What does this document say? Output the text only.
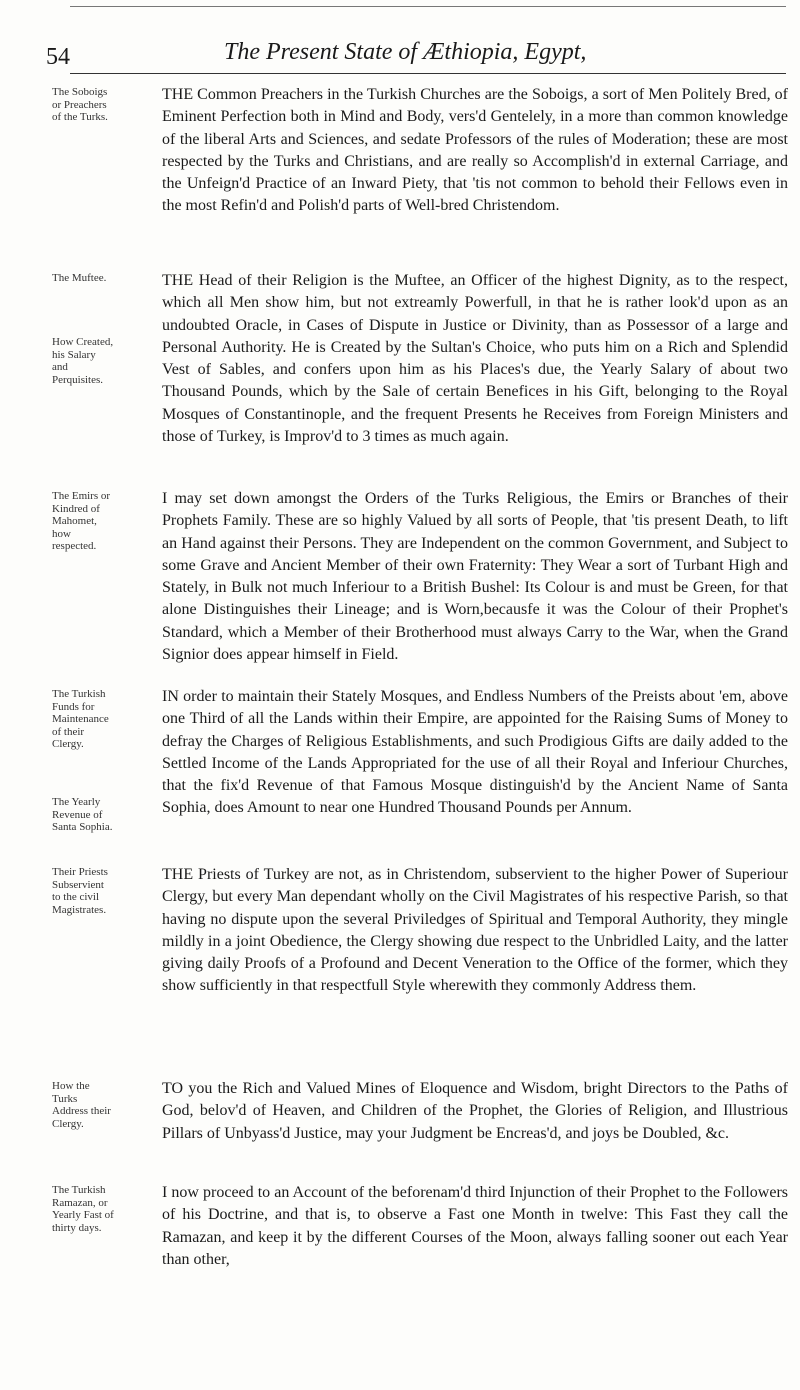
54	The Present State of Æthiopia, Egypt,
The Soboigs or Preachers of the Turks.
THE Common Preachers in the Turkish Churches are the Soboigs, a sort of Men Politely Bred, of Eminent Perfection both in Mind and Body, vers'd Gentelely, in a more than common knowledge of the liberal Arts and Sciences, and sedate Professors of the rules of Moderation; these are most respected by the Turks and Christians, and are really so Accomplish'd in external Carriage, and the Unfeign'd Practice of an Inward Piety, that 'tis not common to behold their Fellows even in the most Refin'd and Polish'd parts of Well-bred Christendom.
The Muftee.
How Created, his Salary and Perquisites.
THE Head of their Religion is the Muftee, an Officer of the highest Dignity, as to the respect, which all Men show him, but not extreamly Powerfull, in that he is rather look'd upon as an undoubted Oracle, in Cases of Dispute in Justice or Divinity, than as Possessor of a large and Personal Authority. He is Created by the Sultan's Choice, who puts him on a Rich and Splendid Vest of Sables, and confers upon him as his Places's due, the Yearly Salary of about two Thousand Pounds, which by the Sale of certain Benefices in his Gift, belonging to the Royal Mosques of Constantinople, and the frequent Presents he Receives from Foreign Ministers and those of Turkey, is Improv'd to 3 times as much again.
The Emirs or Kindred of Mahomet, how respected.
I may set down amongst the Orders of the Turks Religious, the Emirs or Branches of their Prophets Family. These are so highly Valued by all sorts of People, that 'tis present Death, to lift an Hand against their Persons. They are Independent on the common Government, and Subject to some Grave and Ancient Member of their own Fraternity: They Wear a sort of Turbant High and Stately, in Bulk not much Inferiour to a British Bushel: Its Colour is and must be Green, for that alone Distinguishes their Lineage; and is Worn,becausfe it was the Colour of their Prophet's Standard, which a Member of their Brotherhood must always Carry to the War, when the Grand Signior does appear himself in Field.
The Turkish Funds for Maintenance of their Clergy.
The Yearly Revenue of Santa Sophia.
IN order to maintain their Stately Mosques, and Endless Numbers of the Preists about 'em, above one Third of all the Lands within their Empire, are appointed for the Raising Sums of Money to defray the Charges of Religious Establishments, and such Prodigious Gifts are daily added to the Settled Income of the Lands Appropriated for the use of all their Royal and Inferiour Churches, that the fix'd Revenue of that Famous Mosque distinguish'd by the Ancient Name of Santa Sophia, does Amount to near one Hundred Thousand Pounds per Annum.
Their Priests Subservient to the civil Magistrates.
THE Priests of Turkey are not, as in Christendom, subservient to the higher Power of Superiour Clergy, but every Man dependant wholly on the Civil Magistrates of his respective Parish, so that having no dispute upon the several Priviledges of Spiritual and Temporal Authority, they mingle mildly in a joint Obedience, the Clergy showing due respect to the Unbridled Laity, and the latter giving daily Proofs of a Profound and Decent Veneration to the Office of the former, which they show sufficiently in that respectfull Style wherewith they commonly Address them.
How the Turks Address their Clergy.
TO you the Rich and Valued Mines of Eloquence and Wisdom, bright Directors to the Paths of God, belov'd of Heaven, and Children of the Prophet, the Glories of Religion, and Illustrious Pillars of Unbyass'd Justice, may your Judgment be Encreas'd, and joys be Doubled, &c.
The Turkish Ramazan, or Yearly Fast of thirty days.
I now proceed to an Account of the beforenam'd third Injunction of their Prophet to the Followers of his Doctrine, and that is, to observe a Fast one Month in twelve: This Fast they call the Ramazan, and keep it by the different Courses of the Moon, always falling sooner out each Year than other,
